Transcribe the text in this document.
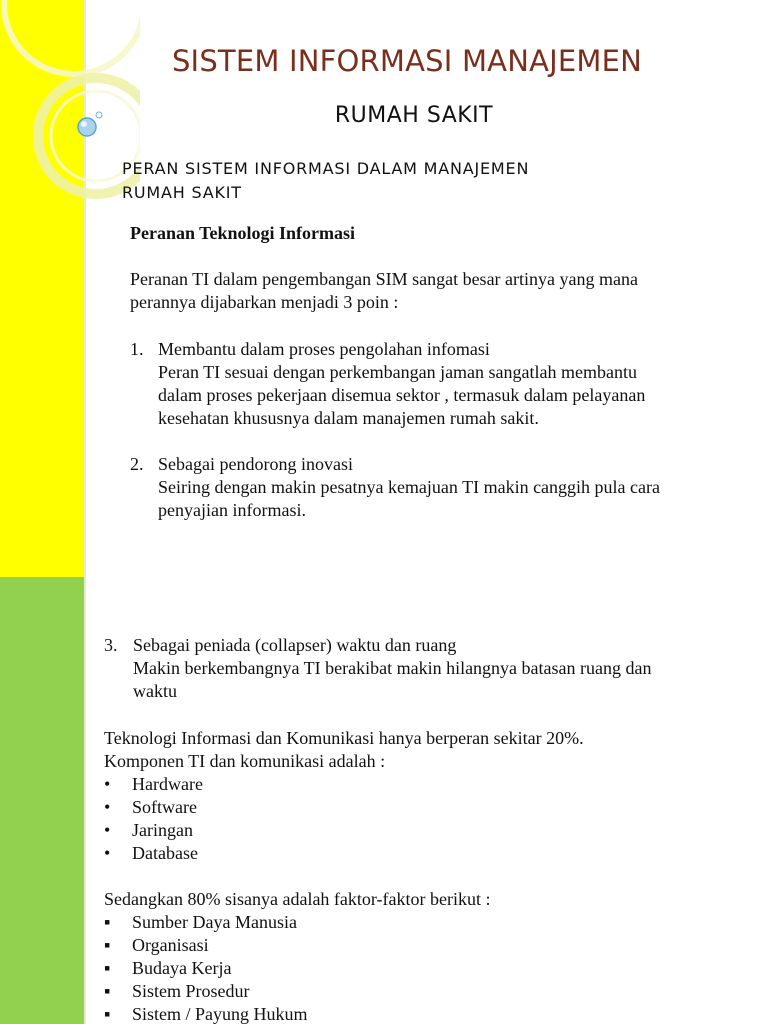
SISTEM INFORMASI MANAJEMEN
RUMAH SAKIT
PERAN SISTEM INFORMASI DALAM MANAJEMEN
RUMAH SAKIT
Peranan Teknologi Informasi
Peranan TI dalam pengembangan SIM sangat besar artinya yang mana
perannya dijabarkan menjadi 3 poin :
1. Membantu dalam proses pengolahan infomasi
Peran TI sesuai dengan perkembangan jaman sangatlah membantu
dalam proses pekerjaan disemua sektor , termasuk dalam pelayanan
kesehatan khususnya dalam manajemen rumah sakit.
2. Sebagai pendorong inovasi
Seiring dengan makin pesatnya kemajuan TI makin canggih pula cara
penyajian informasi.
3. Sebagai peniada (collapser) waktu dan ruang
Makin berkembangnya TI berakibat makin hilangnya batasan ruang dan
waktu
Teknologi Informasi dan Komunikasi hanya berperan sekitar 20%.
Komponen TI dan komunikasi adalah :
• Hardware
• Software
• Jaringan
• Database
Sedangkan 80% sisanya adalah faktor-faktor berikut :
▪ Sumber Daya Manusia
▪ Organisasi
▪ Budaya Kerja
▪ Sistem Prosedur
▪ Sistem / Payung Hukum
